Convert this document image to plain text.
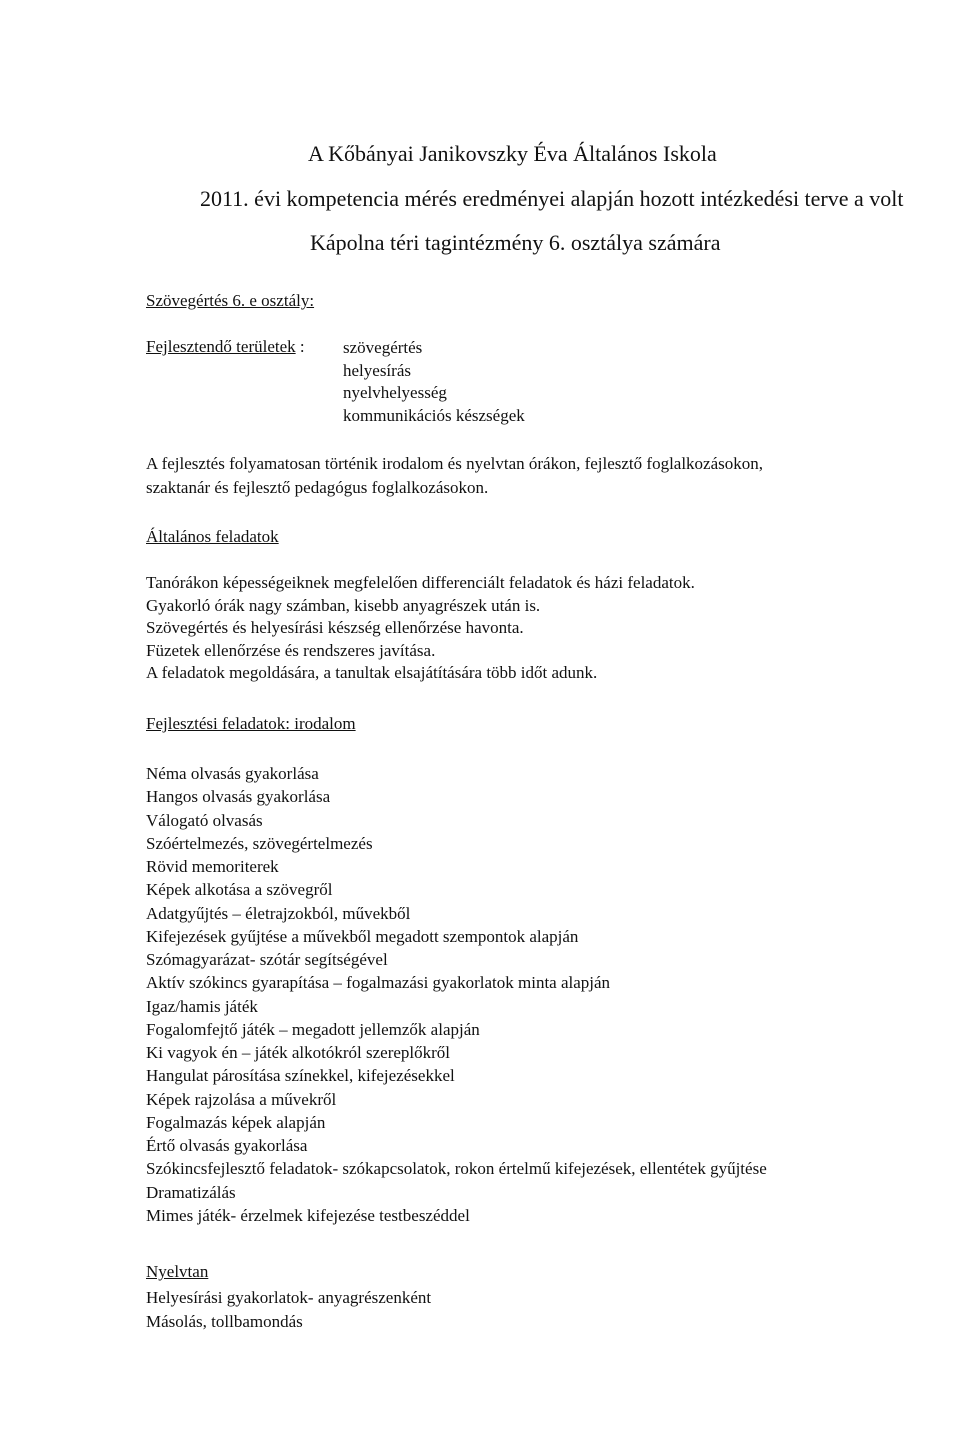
A Kőbányai Janikovszky Éva Általános Iskola
2011. évi kompetencia mérés eredményei alapján hozott intézkedési terve a volt
Kápolna téri tagintézmény 6. osztálya számára
Szövegértés 6. e osztály:
Fejlesztendő területek : szövegértés
helyesírás
nyelvhelyesség
kommunikációs készségek
A fejlesztés folyamatosan történik irodalom és nyelvtan órákon, fejlesztő foglalkozásokon,
szaktanár és fejlesztő pedagógus foglalkozásokon.
Általános feladatok
Tanórákon képességeiknek megfelelően differenciált feladatok és házi feladatok.
Gyakorló órák nagy számban, kisebb anyagrészek után is.
Szövegértés és helyesírási készség ellenőrzése havonta.
Füzetek ellenőrzése és rendszeres javítása.
A feladatok megoldására, a tanultak elsajátítására több időt adunk.
Fejlesztési feladatok: irodalom
Néma olvasás gyakorlása
Hangos olvasás gyakorlása
Válogató olvasás
Szóértelmezés, szövegértelmezés
Rövid memoriterek
Képek alkotása a szövegről
Adatgyűjtés – életrajzokból, művekből
Kifejezések gyűjtése a művekből megadott szempontok alapján
Szómagyarázat- szótár segítségével
Aktív szókincs gyarapítása – fogalmazási gyakorlatok minta alapján
Igaz/hamis játék
Fogalomfejtő játék – megadott jellemzők alapján
Ki vagyok én – játék alkotókról szereplőkről
Hangulat párosítása színekkel, kifejezésekkel
Képek rajzolása a művekről
Fogalmazás képek alapján
Értő olvasás gyakorlása
Szókincsfejlesztő feladatok- szókapcsolatok, rokon értelmű kifejezések, ellentétek gyűjtése
Dramatizálás
Mimes játék- érzelmek kifejezése testbeszéddel
Nyelvtan
Helyesírási gyakorlatok- anyagrészenként
Másolás, tollbamondás
